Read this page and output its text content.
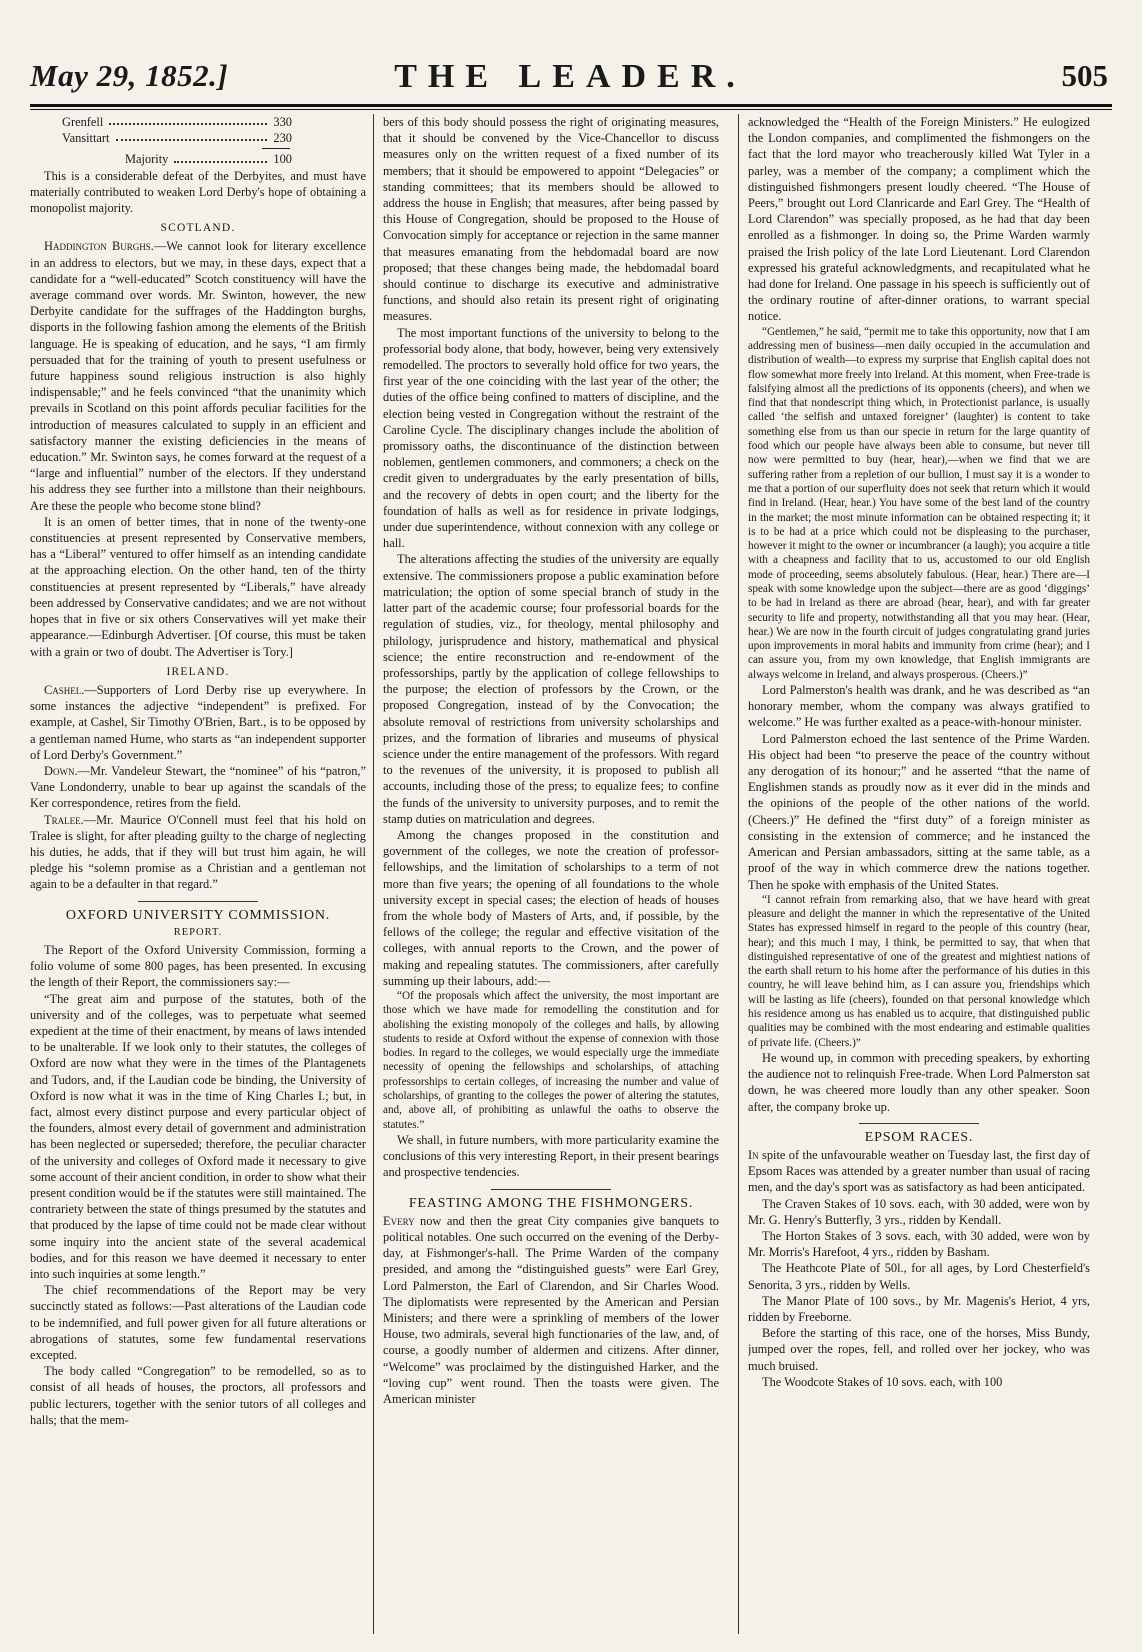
May 29, 1852.]	THE LEADER.	505
Grenfell	330
Vansittart	230
Majority	100

This is a considerable defeat of the Derbyites, and must have materially contributed to weaken Lord Derby's hope of obtaining a monopolist majority.

SCOTLAND.

Haddington Burghs.—We cannot look for literary excellence in an address to electors, but we may, in these days, expect that a candidate for a “well-educated” Scotch constituency will have the average command over words. Mr. Swinton, however, the new Derbyite candidate for the suffrages of the Haddington burghs, disports in the following fashion among the elements of the British language. He is speaking of education, and he says, “I am firmly persuaded that for the training of youth to present usefulness or future happiness sound religious instruction is also highly indispensable;” and he feels convinced “that the unanimity which prevails in Scotland on this point affords peculiar facilities for the introduction of measures calculated to supply in an efficient and satisfactory manner the existing deficiencies in the means of education.” Mr. Swinton says, he comes forward at the request of a “large and influential” number of the electors. If they understand his address they see further into a millstone than their neighbours. Are these the people who become stone blind?

It is an omen of better times, that in none of the twenty-one constituencies at present represented by Conservative members, has a “Liberal” ventured to offer himself as an intending candidate at the approaching election. On the other hand, ten of the thirty constituencies at present represented by “Liberals,” have already been addressed by Conservative candidates; and we are not without hopes that in five or six others Conservatives will yet make their appearance.—Edinburgh Advertiser. [Of course, this must be taken with a grain or two of doubt. The Advertiser is Tory.]

IRELAND.

Cashel.—Supporters of Lord Derby rise up everywhere. In some instances the adjective “independent” is prefixed. For example, at Cashel, Sir Timothy O'Brien, Bart., is to be opposed by a gentleman named Hume, who starts as “an independent supporter of Lord Derby's Government.”

Down.—Mr. Vandeleur Stewart, the “nominee” of his “patron,” Vane Londonderry, unable to bear up against the scandals of the Ker correspondence, retires from the field.

Tralee.—Mr. Maurice O'Connell must feel that his hold on Tralee is slight, for after pleading guilty to the charge of neglecting his duties, he adds, that if they will but trust him again, he will pledge his “solemn promise as a Christian and a gentleman not again to be a defaulter in that regard.”

OXFORD UNIVERSITY COMMISSION.
REPORT.

The Report of the Oxford University Commission, forming a folio volume of some 800 pages, has been presented. In excusing the length of their Report, the commissioners say:—

“The great aim and purpose of the statutes, both of the university and of the colleges, was to perpetuate what seemed expedient at the time of their enactment, by means of laws intended to be unalterable. If we look only to their statutes, the colleges of Oxford are now what they were in the times of the Plantagenets and Tudors, and, if the Laudian code be binding, the University of Oxford is now what it was in the time of King Charles I.; but, in fact, almost every distinct purpose and every particular object of the founders, almost every detail of government and administration has been neglected or superseded; therefore, the peculiar character of the university and colleges of Oxford made it necessary to give some account of their ancient condition, in order to show what their present condition would be if the statutes were still maintained. The contrariety between the state of things presumed by the statutes and that produced by the lapse of time could not be made clear without some inquiry into the ancient state of the several academical bodies, and for this reason we have deemed it necessary to enter into such inquiries at some length.”

The chief recommendations of the Report may be very succinctly stated as follows:—Past alterations of the Laudian code to be indemnified, and full power given for all future alterations or abrogations of statutes, some few fundamental reservations excepted.

The body called “Congregation” to be remodelled, so as to consist of all heads of houses, the proctors, all professors and public lecturers, together with the senior tutors of all colleges and halls; that the mem-

bers of this body should possess the right of originating measures, that it should be convened by the Vice-Chancellor to discuss measures only on the written request of a fixed number of its members; that it should be empowered to appoint “Delegacies” or standing committees; that its members should be allowed to address the house in English; that measures, after being passed by this House of Congregation, should be proposed to the House of Convocation simply for acceptance or rejection in the same manner that measures emanating from the hebdomadal board are now proposed; that these changes being made, the hebdomadal board should continue to discharge its executive and administrative functions, and should also retain its present right of originating measures.

The most important functions of the university to belong to the professorial body alone, that body, however, being very extensively remodelled. The proctors to severally hold office for two years, the first year of the one coinciding with the last year of the other; the duties of the office being confined to matters of discipline, and the election being vested in Congregation without the restraint of the Caroline Cycle. The disciplinary changes include the abolition of promissory oaths, the discontinuance of the distinction between noblemen, gentlemen commoners, and commoners; a check on the credit given to undergraduates by the early presentation of bills, and the recovery of debts in open court; and the liberty for the foundation of halls as well as for residence in private lodgings, under due superintendence, without connexion with any college or hall.

The alterations affecting the studies of the university are equally extensive. The commissioners propose a public examination before matriculation; the option of some special branch of study in the latter part of the academic course; four professorial boards for the regulation of studies, viz., for theology, mental philosophy and philology, jurisprudence and history, mathematical and physical science; the entire reconstruction and re-endowment of the professorships, partly by the application of college fellowships to the purpose; the election of professors by the Crown, or the proposed Congregation, instead of by the Convocation; the absolute removal of restrictions from university scholarships and prizes, and the formation of libraries and museums of physical science under the entire management of the professors. With regard to the revenues of the university, it is proposed to publish all accounts, including those of the press; to equalize fees; to confine the funds of the university to university purposes, and to remit the stamp duties on matriculation and degrees.

Among the changes proposed in the constitution and government of the colleges, we note the creation of professor-fellowships, and the limitation of scholarships to a term of not more than five years; the opening of all foundations to the whole university except in special cases; the election of heads of houses from the whole body of Masters of Arts, and, if possible, by the fellows of the college; the regular and effective visitation of the colleges, with annual reports to the Crown, and the power of making and repealing statutes. The commissioners, after carefully summing up their labours, add:—

“Of the proposals which affect the university, the most important are those which we have made for remodelling the constitution and for abolishing the existing monopoly of the colleges and halls, by allowing students to reside at Oxford without the expense of connexion with those bodies. In regard to the colleges, we would especially urge the immediate necessity of opening the fellowships and scholarships, of attaching professorships to certain colleges, of increasing the number and value of scholarships, of granting to the colleges the power of altering the statutes, and, above all, of prohibiting as unlawful the oaths to observe the statutes.”

We shall, in future numbers, with more particularity examine the conclusions of this very interesting Report, in their present bearings and prospective tendencies.

FEASTING AMONG THE FISHMONGERS.

Every now and then the great City companies give banquets to political notables. One such occurred on the evening of the Derby-day, at Fishmonger's-hall. The Prime Warden of the company presided, and among the “distinguished guests” were Earl Grey, Lord Palmerston, the Earl of Clarendon, and Sir Charles Wood. The diplomatists were represented by the American and Persian Ministers; and there were a sprinkling of members of the lower House, two admirals, several high functionaries of the law, and, of course, a goodly number of aldermen and citizens. After dinner, “Welcome” was proclaimed by the distinguished Harker, and the “loving cup” went round. Then the toasts were given. The American minister

acknowledged the “Health of the Foreign Ministers.” He eulogized the London companies, and complimented the fishmongers on the fact that the lord mayor who treacherously killed Wat Tyler in a parley, was a member of the company; a compliment which the distinguished fishmongers present loudly cheered. “The House of Peers,” brought out Lord Clanricarde and Earl Grey. The “Health of Lord Clarendon” was specially proposed, as he had that day been enrolled as a fishmonger. In doing so, the Prime Warden warmly praised the Irish policy of the late Lord Lieutenant. Lord Clarendon expressed his grateful acknowledgments, and recapitulated what he had done for Ireland. One passage in his speech is sufficiently out of the ordinary routine of after-dinner orations, to warrant special notice.

“Gentlemen,” he said, “permit me to take this opportunity, now that I am addressing men of business—men daily occupied in the accumulation and distribution of wealth—to express my surprise that English capital does not flow somewhat more freely into Ireland. At this moment, when Free-trade is falsifying almost all the predictions of its opponents (cheers), and when we find that that nondescript thing which, in Protectionist parlance, is usually called ‘the selfish and untaxed foreigner’ (laughter) is content to take something else from us than our specie in return for the large quantity of food which our people have always been able to consume, but never till now were permitted to buy (hear, hear),—when we find that we are suffering rather from a repletion of our bullion, I must say it is a wonder to me that a portion of our superfluity does not seek that return which it would find in Ireland. (Hear, hear.) You have some of the best land of the country in the market; the most minute information can be obtained respecting it; it is to be had at a price which could not be displeasing to the purchaser, however it might to the owner or incumbrancer (a laugh); you acquire a title with a cheapness and facility that to us, accustomed to our old English mode of proceeding, seems absolutely fabulous. (Hear, hear.) There are—I speak with some knowledge upon the subject—there are as good ‘diggings’ to be had in Ireland as there are abroad (hear, hear), and with far greater security to life and property, notwithstanding all that you may hear. (Hear, hear.) We are now in the fourth circuit of judges congratulating grand juries upon improvements in moral habits and immunity from crime (hear); and I can assure you, from my own knowledge, that English immigrants are always welcome in Ireland, and always prosperous. (Cheers.)”

Lord Palmerston's health was drank, and he was described as “an honorary member, whom the company was always gratified to welcome.” He was further exalted as a peace-with-honour minister.

Lord Palmerston echoed the last sentence of the Prime Warden. His object had been “to preserve the peace of the country without any derogation of its honour;” and he asserted “that the name of Englishmen stands as proudly now as it ever did in the minds and the opinions of the people of the other nations of the world. (Cheers.)” He defined the “first duty” of a foreign minister as consisting in the extension of commerce; and he instanced the American and Persian ambassadors, sitting at the same table, as a proof of the way in which commerce drew the nations together. Then he spoke with emphasis of the United States.

“I cannot refrain from remarking also, that we have heard with great pleasure and delight the manner in which the representative of the United States has expressed himself in regard to the people of this country (hear, hear); and this much I may, I think, be permitted to say, that when that distinguished representative of one of the greatest and mightiest nations of the earth shall return to his home after the performance of his duties in this country, he will leave behind him, as I can assure you, friendships which will be lasting as life (cheers), founded on that personal knowledge which his residence among us has enabled us to acquire, that distinguished public qualities may be combined with the most endearing and estimable qualities of private life. (Cheers.)”

He wound up, in common with preceding speakers, by exhorting the audience not to relinquish Free-trade. When Lord Palmerston sat down, he was cheered more loudly than any other speaker. Soon after, the company broke up.

EPSOM RACES.

In spite of the unfavourable weather on Tuesday last, the first day of Epsom Races was attended by a greater number than usual of racing men, and the day's sport was as satisfactory as had been anticipated.

The Craven Stakes of 10 sovs. each, with 30 added, were won by Mr. G. Henry's Butterfly, 3 yrs., ridden by Kendall.

The Horton Stakes of 3 sovs. each, with 30 added, were won by Mr. Morris's Harefoot, 4 yrs., ridden by Basham.

The Heathcote Plate of 50l., for all ages, by Lord Chesterfield's Senorita, 3 yrs., ridden by Wells.

The Manor Plate of 100 sovs., by Mr. Magenis's Heriot, 4 yrs, ridden by Freeborne.

Before the starting of this race, one of the horses, Miss Bundy, jumped over the ropes, fell, and rolled over her jockey, who was much bruised.

The Woodcote Stakes of 10 sovs. each, with 100
